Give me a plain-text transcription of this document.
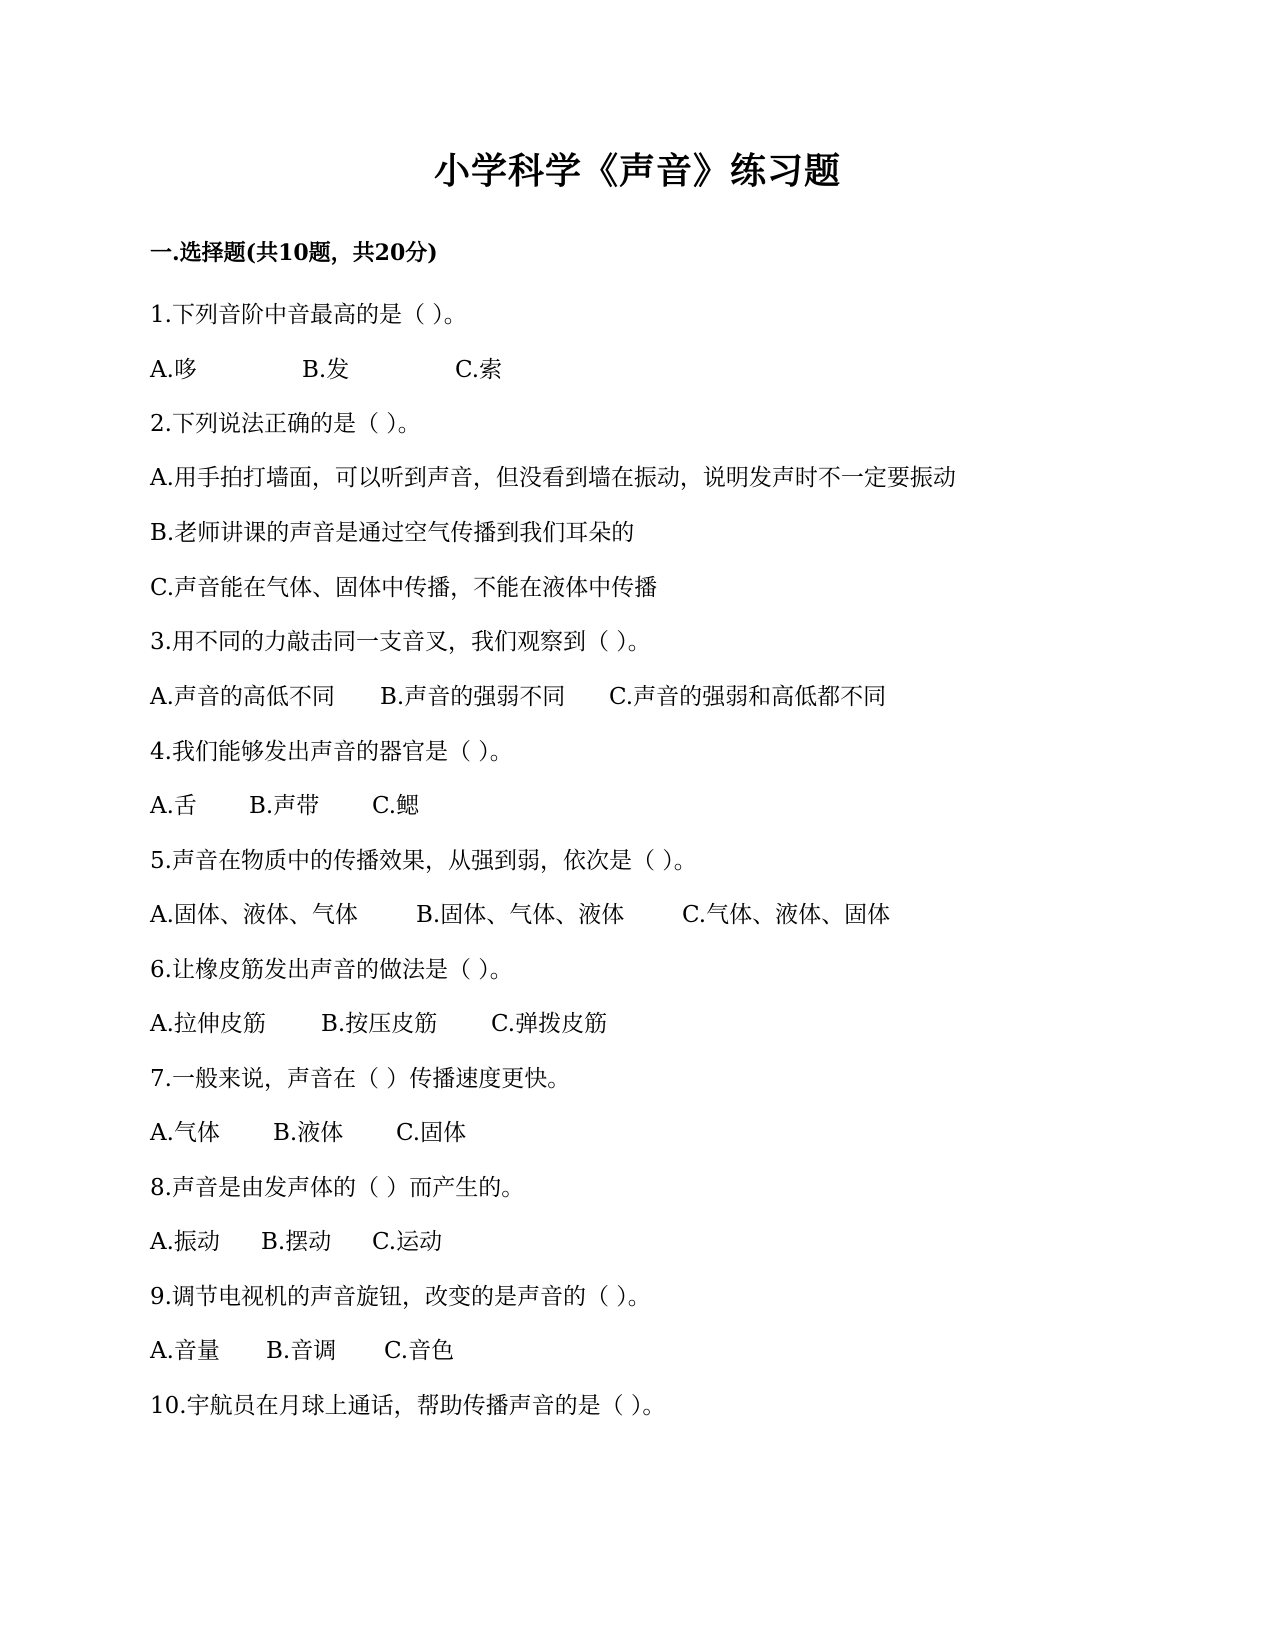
小学科学《声音》练习题
一.选择题(共10题，共20分)
1.下列音阶中音最高的是（ ）。
A.哆	B.发	C.索
2.下列说法正确的是（ ）。
A.用手拍打墙面，可以听到声音，但没看到墙在振动，说明发声时不一定要振动
B.老师讲课的声音是通过空气传播到我们耳朵的
C.声音能在气体、固体中传播，不能在液体中传播
3.用不同的力敲击同一支音叉，我们观察到（ ）。
A.声音的高低不同 B.声音的强弱不同 C.声音的强弱和高低都不同
4.我们能够发出声音的器官是（ ）。
A.舌 B.声带 C.鳃
5.声音在物质中的传播效果，从强到弱，依次是（ ）。
A.固体、液体、气体	B.固体、气体、液体	C.气体、液体、固体
6.让橡皮筋发出声音的做法是（ ）。
A.拉伸皮筋 B.按压皮筋 C.弹拨皮筋
7.一般来说，声音在（ ）传播速度更快。
A.气体 B.液体 C.固体
8.声音是由发声体的（ ）而产生的。
A.振动 B.摆动 C.运动
9.调节电视机的声音旋钮，改变的是声音的（ ）。
A.音量 B.音调 C.音色
10.宇航员在月球上通话，帮助传播声音的是（ ）。
